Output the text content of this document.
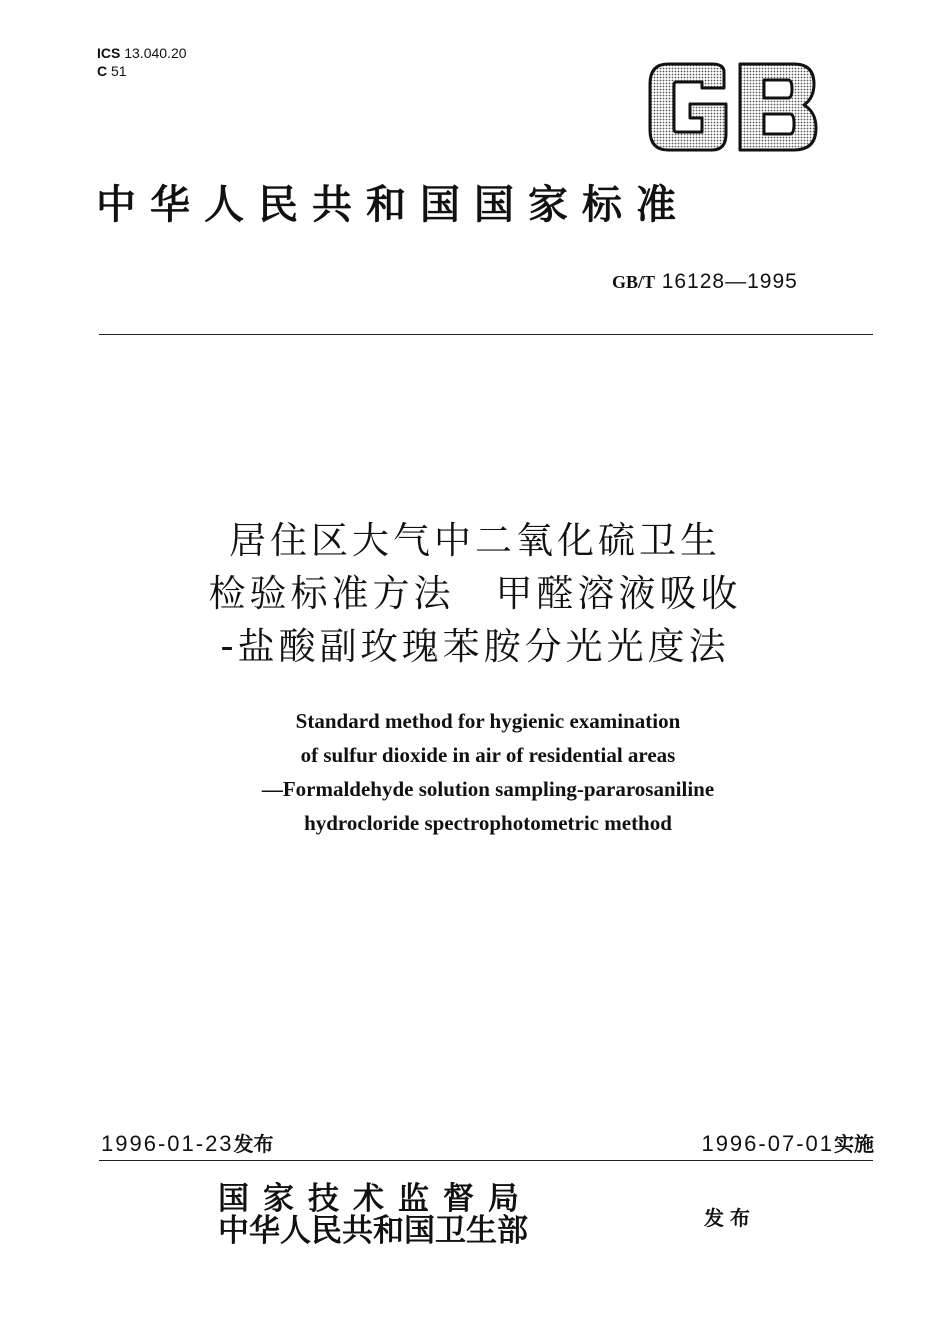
ICS 13.040.20
C 51
中华人民共和国国家标准
GB/T 16128—1995
居住区大气中二氧化硫卫生
检验标准方法　甲醛溶液吸收
-盐酸副玫瑰苯胺分光光度法
Standard method for hygienic examination
of sulfur dioxide in air of residential areas
—Formaldehyde solution sampling-pararosaniline
hydrocloride spectrophotometric method
1996-01-23发布	1996-07-01实施
国家技术监督局
中华人民共和国卫生部	发布
